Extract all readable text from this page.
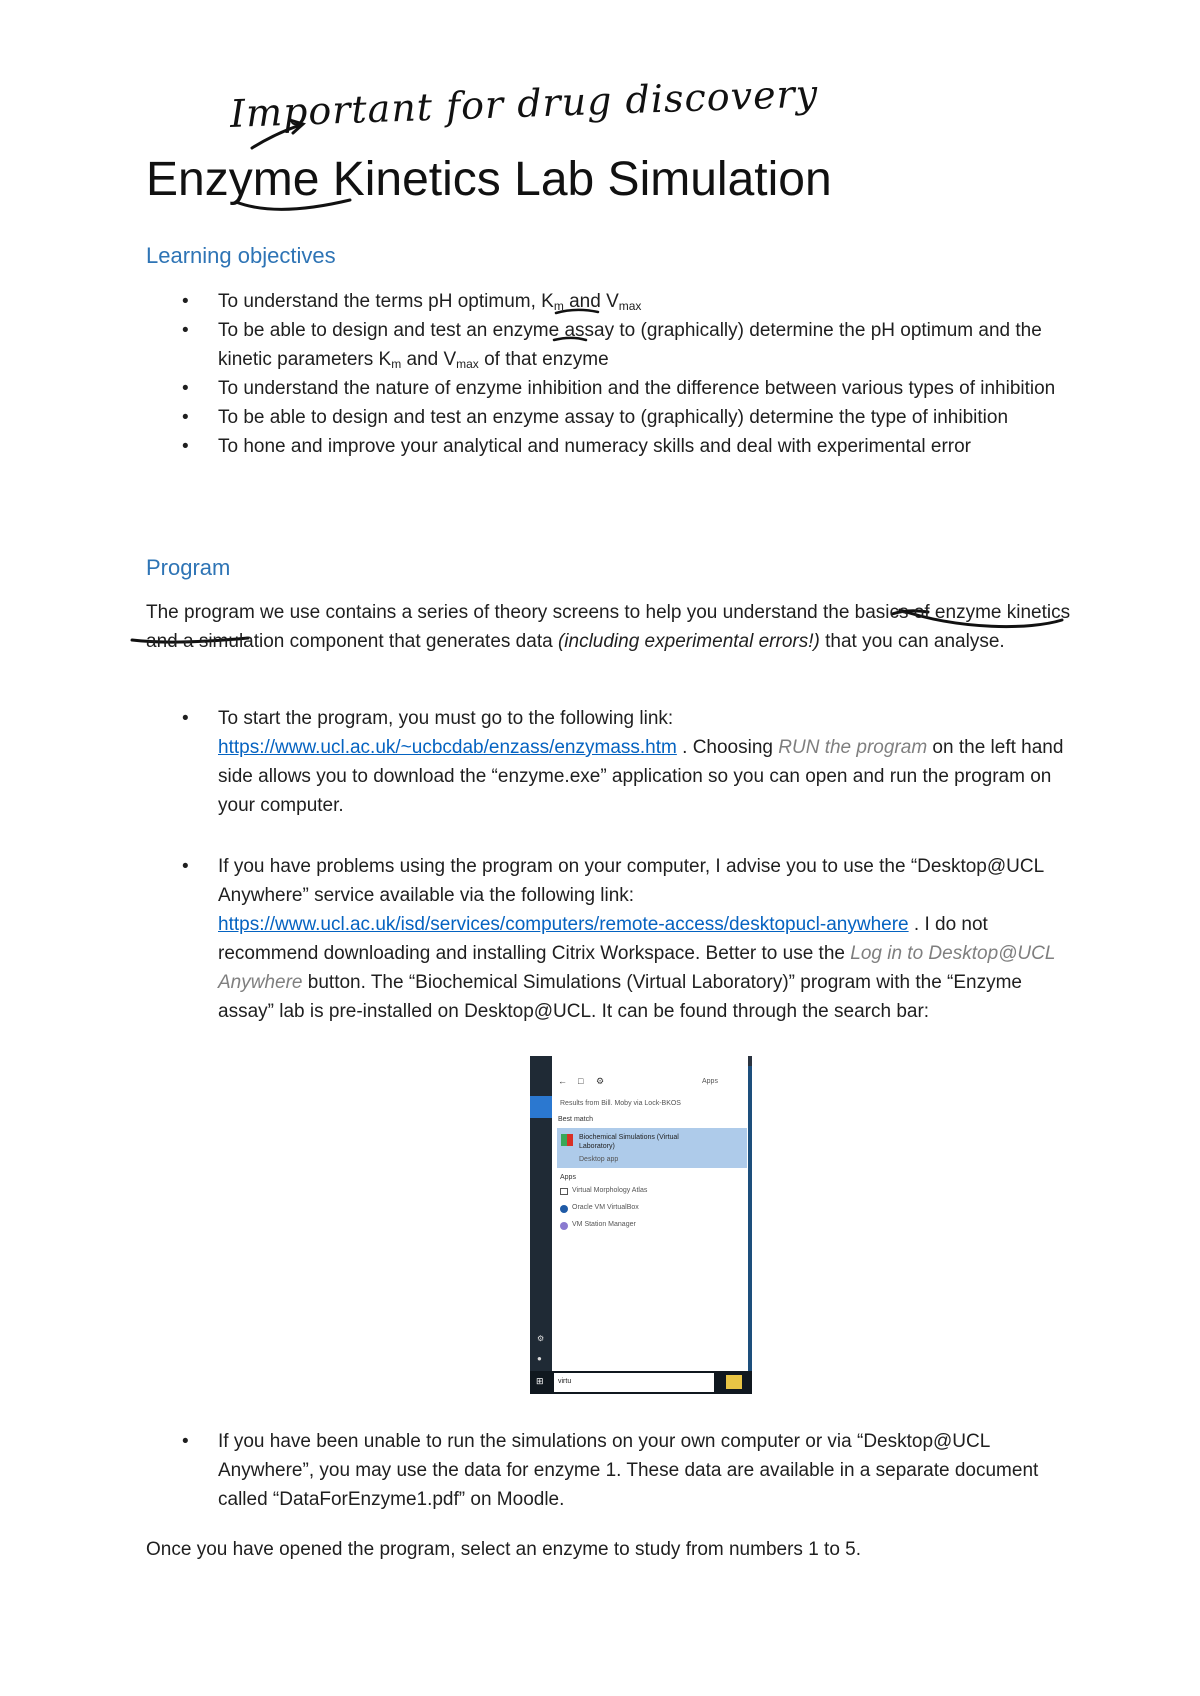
Important for drug discovery
Enzyme Kinetics Lab Simulation
Learning objectives
• To understand the terms pH optimum, $K_m$ and $V_{max}$
• To be able to design and test an enzyme assay to (graphically) determine the pH optimum and the kinetic parameters $K_m$ and $V_{max}$ of that enzyme
• To understand the nature of enzyme inhibition and the difference between various types of inhibition
• To be able to design and test an enzyme assay to (graphically) determine the type of inhibition
• To hone and improve your analytical and numeracy skills and deal with experimental error
Program

The program we use contains a series of theory screens to help you understand the basics of enzyme kinetics and a simulation component that generates data (including experimental errors!) that you can analyse.

• To start the program, you must go to the following link: https://www.ucl.ac.uk/~ucbcdab/enzass/enzymass.htm . Choosing RUN the program on the left hand side allows you to download the “enzyme.exe” application so you can open and run the program on your computer.
• If you have problems using the program on your computer, I advise you to use the “Desktop@UCL Anywhere” service available via the following link: https://www.ucl.ac.uk/isd/services/computers/remote-access/desktopucl-anywhere . I do not recommend downloading and installing Citrix Workspace. Better to use the Log in to Desktop@UCL Anywhere button. The “Biochemical Simulations (Virtual Laboratory)” program with the “Enzyme assay” lab is pre-installed on Desktop@UCL. It can be found through the search bar:
← □ ⚙	Apps
Results from Bill. Moby via Lock-BKOS
Best match
Biochemical Simulations (Virtual Laboratory)
Desktop app
Apps
Virtual Morphology Atlas
Oracle VM VirtualBox
VM Station Manager
⚙
●
⊞ virtu
• If you have been unable to run the simulations on your own computer or via “Desktop@UCL Anywhere”, you may use the data for enzyme 1. These data are available in a separate document called “DataForEnzyme1.pdf” on Moodle.

Once you have opened the program, select an enzyme to study from numbers 1 to 5.
